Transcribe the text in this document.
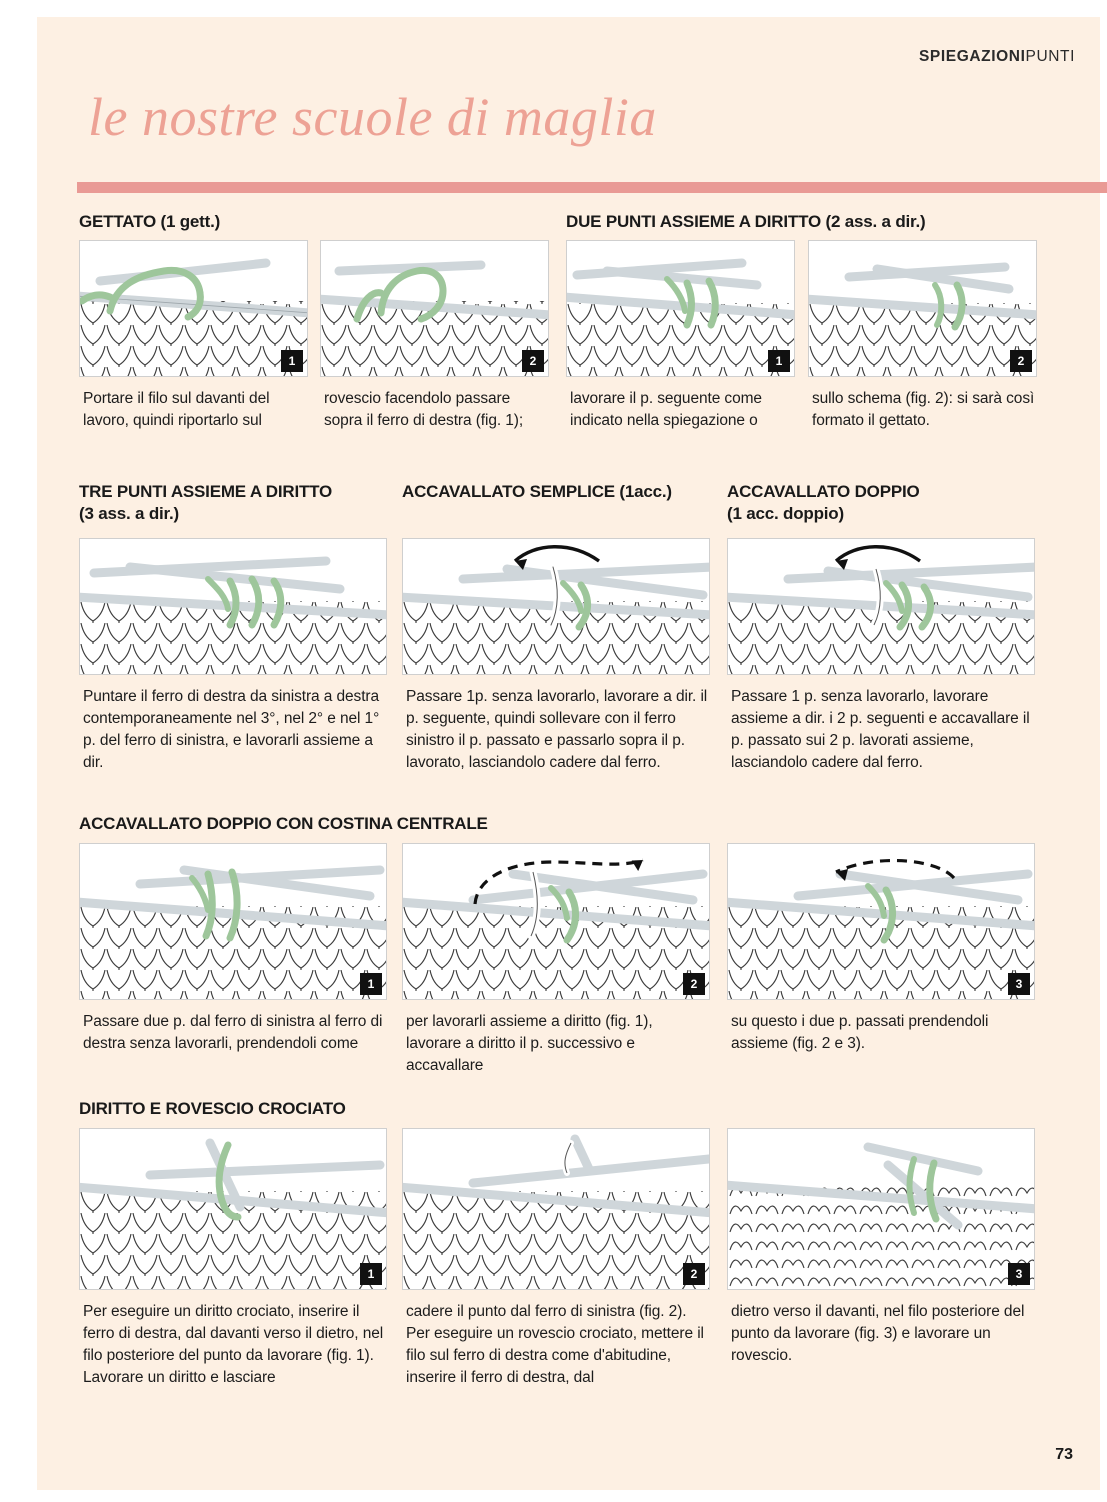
SPIEGAZIONIPUNTI
le nostre scuole di maglia
GETTATO (1 gett.)	DUE PUNTI ASSIEME A DIRITTO (2 ass. a dir.)
1	2	1	2
Portare il filo sul davanti del lavoro, quindi riportarlo sul
rovescio facendolo passare sopra il ferro di destra (fig. 1);
lavorare il p. seguente come indicato nella spiegazione o
sullo schema (fig. 2): si sarà così formato il gettato.
TRE PUNTI ASSIEME A DIRITTO
(3 ass. a dir.)
ACCAVALLATO SEMPLICE (1acc.)	ACCAVALLATO DOPPIO
(1 acc. doppio)
Puntare il ferro di destra da sinistra a destra contemporaneamente nel 3°, nel 2° e nel 1° p. del ferro di sinistra, e lavorarli assieme a dir.
Passare 1p. senza lavorarlo, lavorare a dir. il p. seguente, quindi sollevare con il ferro sinistro il p. passato e passarlo sopra il p. lavorato, lasciandolo cadere dal ferro.
Passare 1 p. senza lavorarlo, lavorare assieme a dir. i 2 p. seguenti e accavallare il p. passato sui 2 p. lavorati assieme, lasciandolo cadere dal ferro.
ACCAVALLATO DOPPIO CON COSTINA CENTRALE
1	2	3
Passare due p. dal ferro di sinistra al ferro di destra senza lavorarli, prendendoli come
per lavorarli assieme a diritto (fig. 1), lavorare a diritto il p. successivo e accavallare
su questo i due p. passati prendendoli assieme (fig. 2 e 3).
DIRITTO E ROVESCIO CROCIATO
1	2	3
Per eseguire un diritto crociato, inserire il ferro di destra, dal davanti verso il dietro, nel filo posteriore del punto da lavorare (fig. 1). Lavorare un diritto e lasciare
cadere il punto dal ferro di sinistra (fig. 2). Per eseguire un rovescio crociato, mettere il filo sul ferro di destra come d'abitudine, inserire il ferro di destra, dal
dietro verso il davanti, nel filo posteriore del punto da lavorare (fig. 3) e lavorare un rovescio.
73
